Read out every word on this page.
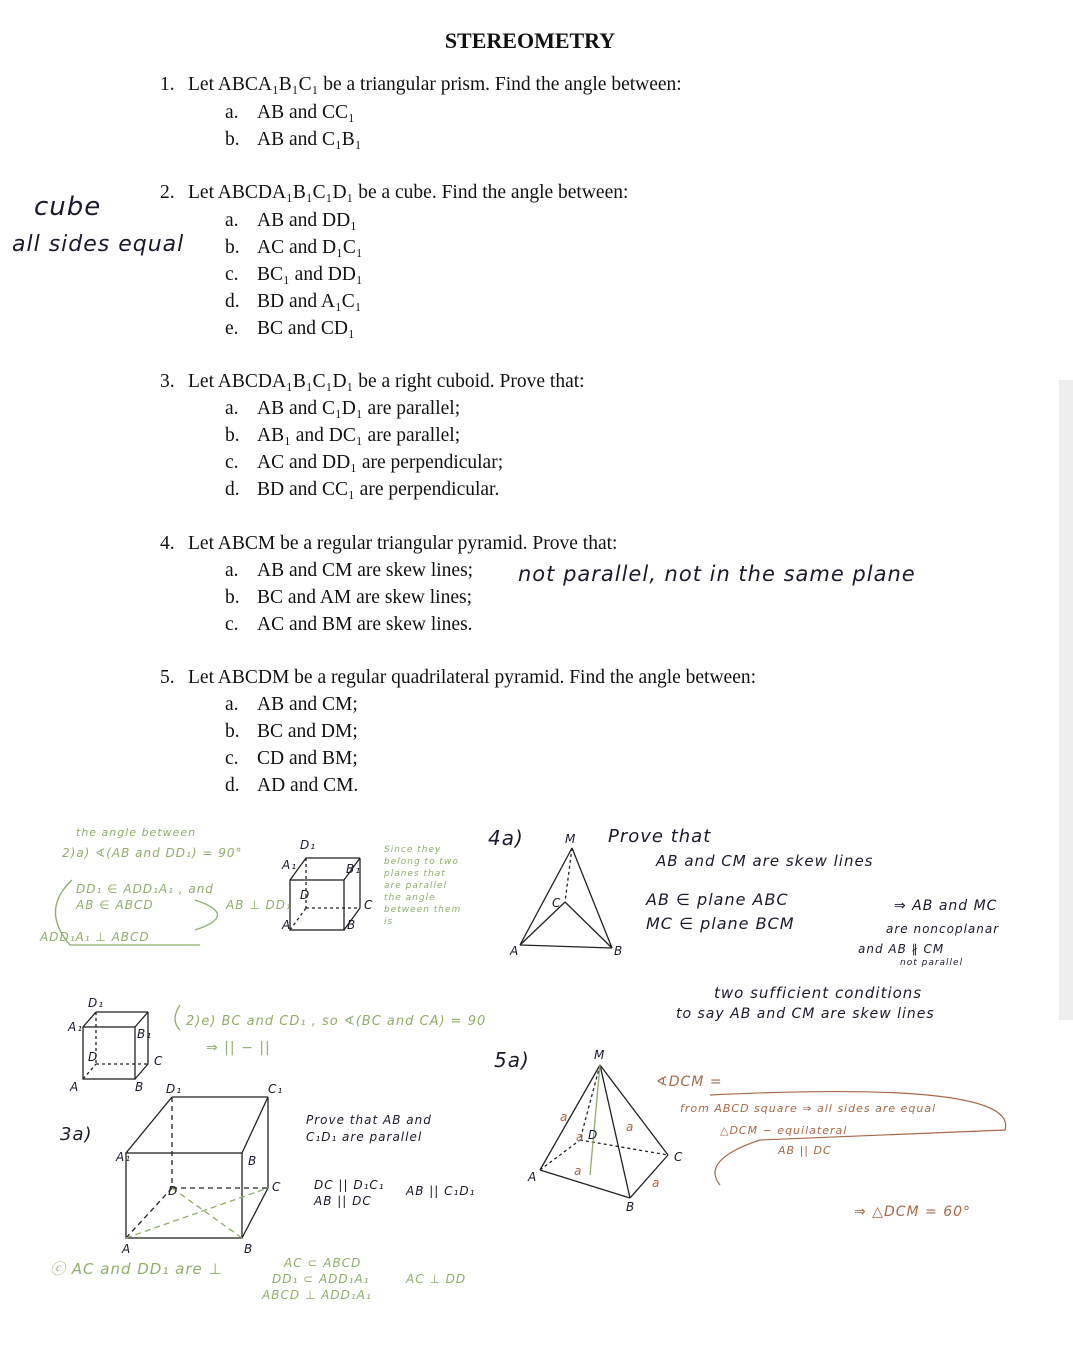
STEREOMETRY
1. Let ABCA₁B₁C₁ be a triangular prism. Find the angle between:
a. AB and CC₁
b. AB and C₁B₁
2. Let ABCDA₁B₁C₁D₁ be a cube. Find the angle between:
a. AB and DD₁
b. AC and D₁C₁
c. BC₁ and DD₁
d. BD and A₁C₁
e. BC and CD₁
3. Let ABCDA₁B₁C₁D₁ be a right cuboid. Prove that:
a. AB and C₁D₁ are parallel;
b. AB₁ and DC₁ are parallel;
c. AC and DD₁ are perpendicular;
d. BD and CC₁ are perpendicular.
4. Let ABCM be a regular triangular pyramid. Prove that:
a. AB and CM are skew lines;
b. BC and AM are skew lines;
c. AC and BM are skew lines.
5. Let ABCDM be a regular quadrilateral pyramid. Find the angle between:
a. AB and CM;
b. BC and DM;
c. CD and BM;
d. AD and CM.
cube
all sides equal
not parallel, not in the same plane
D₁
A₁	B₁
C
D
A	B
D₁
A₁	B₁
D	C
A	B D₁	C₁
A₁	B
C
D
A	B
M
C
A	B
M
a
a
a
a
a
D
C
A
B
the angle between
2)a) ∢(AB and DD₁) = 90°
DD₁ ∈ ADD₁A₁ , and
AB ∈ ABCD
ADD₁A₁ ⊥ ABCD
AB ⊥ DD₁
Since they belong to two planes that are parallel the angle between them is
2)e) BC and CD₁ , so ∢(BC and CA) = 90
⇒ || − ||
3a)
Prove that AB and C₁D₁ are parallel
DC || D₁C₁
AB || DC
AB || C₁D₁
ⓒ AC and DD₁ are ⊥	AC ⊂ ABCD
DD₁ ⊂ ADD₁A₁
ABCD ⊥ ADD₁A₁
AC ⊥ DD
4a)	Prove that
AB and CM are skew lines
AB ∈ plane ABC
MC ∈ plane BCM
⇒ AB and MC
are noncoplanar
and AB ∦ CM
not parallel
two sufficient conditions
to say AB and CM are skew lines
5a)
∢DCM =
from ABCD square ⇒ all sides are equal
△DCM − equilateral
AB || DC
⇒ △DCM = 60°
